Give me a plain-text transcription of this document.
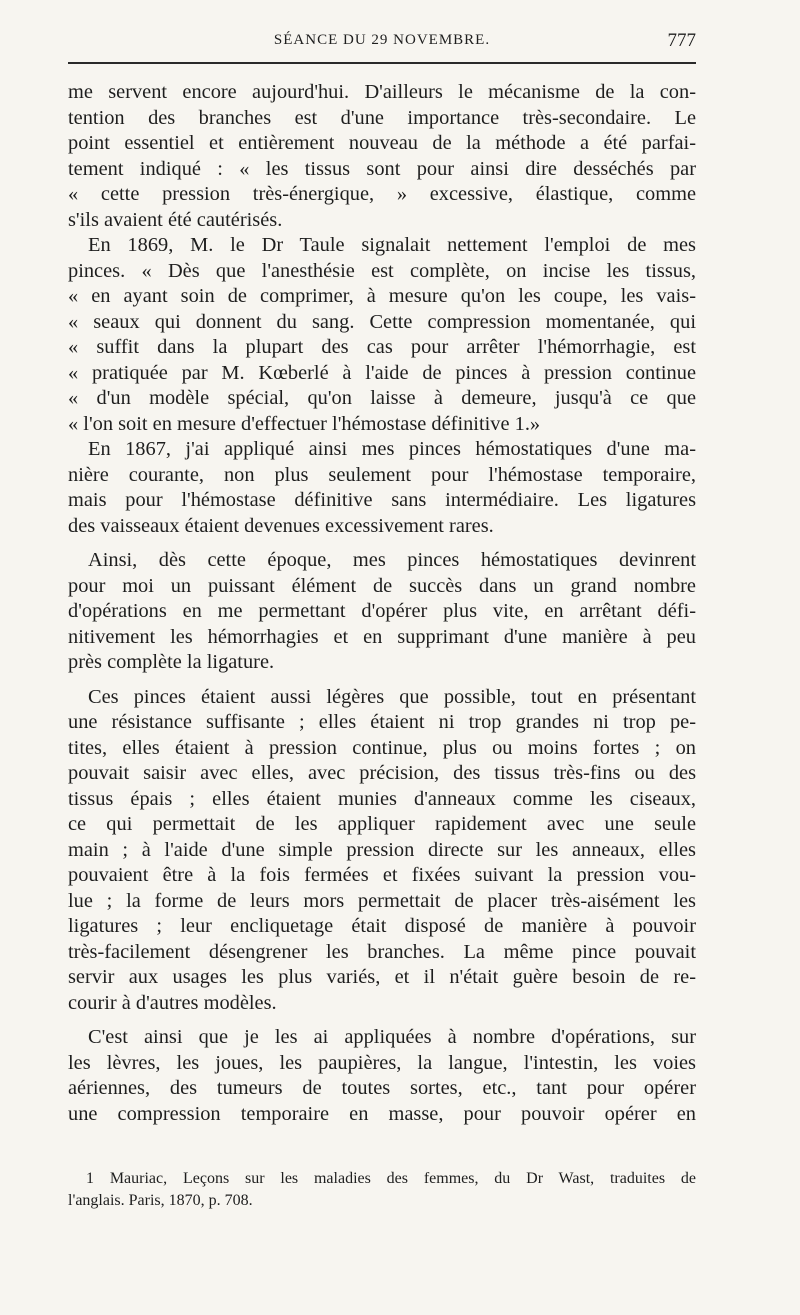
SÉANCE DU 29 NOVEMBRE.	777
me servent encore aujourd'hui. D'ailleurs le mécanisme de la con-
tention des branches est d'une importance très-secondaire. Le
point essentiel et entièrement nouveau de la méthode a été parfai-
tement indiqué : « les tissus sont pour ainsi dire desséchés par
« cette pression très-énergique, » excessive, élastique, comme
s'ils avaient été cautérisés.
En 1869, M. le Dr Taule signalait nettement l'emploi de mes
pinces. « Dès que l'anesthésie est complète, on incise les tissus,
« en ayant soin de comprimer, à mesure qu'on les coupe, les vais-
« seaux qui donnent du sang. Cette compression momentanée, qui
« suffit dans la plupart des cas pour arrêter l'hémorrhagie, est
« pratiquée par M. Kœberlé à l'aide de pinces à pression continue
« d'un modèle spécial, qu'on laisse à demeure, jusqu'à ce que
« l'on soit en mesure d'effectuer l'hémostase définitive 1.»
En 1867, j'ai appliqué ainsi mes pinces hémostatiques d'une ma-
nière courante, non plus seulement pour l'hémostase temporaire,
mais pour l'hémostase définitive sans intermédiaire. Les ligatures
des vaisseaux étaient devenues excessivement rares.
Ainsi, dès cette époque, mes pinces hémostatiques devinrent
pour moi un puissant élément de succès dans un grand nombre
d'opérations en me permettant d'opérer plus vite, en arrêtant défi-
nitivement les hémorrhagies et en supprimant d'une manière à peu
près complète la ligature.
Ces pinces étaient aussi légères que possible, tout en présentant
une résistance suffisante ; elles étaient ni trop grandes ni trop pe-
tites, elles étaient à pression continue, plus ou moins fortes ; on
pouvait saisir avec elles, avec précision, des tissus très-fins ou des
tissus épais ; elles étaient munies d'anneaux comme les ciseaux,
ce qui permettait de les appliquer rapidement avec une seule
main ; à l'aide d'une simple pression directe sur les anneaux, elles
pouvaient être à la fois fermées et fixées suivant la pression vou-
lue ; la forme de leurs mors permettait de placer très-aisément les
ligatures ; leur encliquetage était disposé de manière à pouvoir
très-facilement désengrener les branches. La même pince pouvait
servir aux usages les plus variés, et il n'était guère besoin de re-
courir à d'autres modèles.
C'est ainsi que je les ai appliquées à nombre d'opérations, sur
les lèvres, les joues, les paupières, la langue, l'intestin, les voies
aériennes, des tumeurs de toutes sortes, etc., tant pour opérer
une compression temporaire en masse, pour pouvoir opérer en
1 Mauriac, Leçons sur les maladies des femmes, du Dr Wast, traduites de
l'anglais. Paris, 1870, p. 708.
